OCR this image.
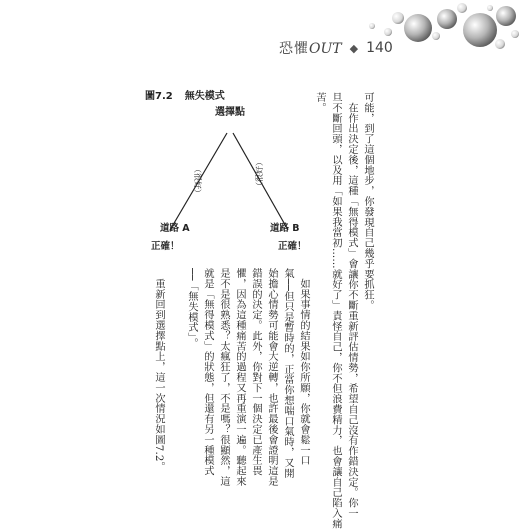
恐懼OUT ◆ 140
圖7.2 無失模式
選擇點
（很好）	（很好）
道路 A
正確！
道路 B
正確！	可能，到了這個地步，你發現自己幾乎要抓狂。
　在作出決定後，這種「無得模式」會讓你不斷重新評估情勢，希望自己沒有作錯決定。你一
旦不斷回頭，以及用「如果我當初……就好了」責怪自己，你不但浪費精力，也會讓自己陷入痛
苦。
　如果事情的結果如你所願，你就會鬆一口
氣──但只是暫時的，正當你想喘口氣時，又開
始擔心情勢可能會大逆轉，也許最後會證明這是
錯誤的決定。此外，你對下一個決定已產生畏
懼，因為這種痛苦的過程又再重演一遍。聽起來
是不是很熟悉？太瘋狂了，不是嗎？很顯然，這
就是「無得模式」的狀態，但還有另一種模式
──「無失模式」。
　重新回到選擇點上，這一次情況如圖7.2。
